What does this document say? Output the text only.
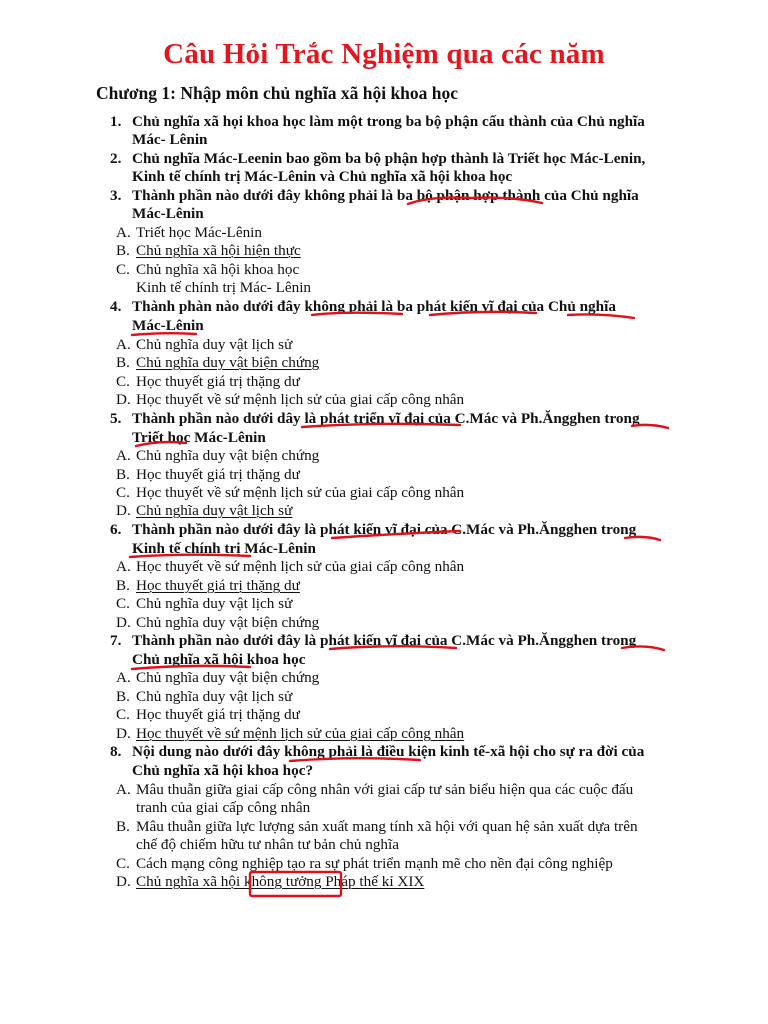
Câu Hỏi Trắc Nghiệm qua các năm
Chương 1: Nhập môn chủ nghĩa xã hội khoa học
1. Chủ nghĩa xã họi khoa học làm một trong ba bộ phận cấu thành của Chủ nghĩa
Mác- Lênin
2. Chủ nghĩa Mác-Leenin bao gồm ba bộ phận hợp thành là Triết học Mác-Lenin,
Kinh tế chính trị Mác-Lênin và Chủ nghĩa xã hội khoa học
3. Thành phần nào dưới đây không phải là ba bộ phận hợp thành của Chủ nghĩa
Mác-Lênin
A. Triết học Mác-Lênin
B. Chủ nghĩa xã hội hiện thực
C. Chủ nghĩa xã hội khoa học
Kinh tế chính trị Mác- Lênin
4. Thành phàn nào dưới đây không phải là ba phát kiến vĩ đại của Chủ nghĩa
Mác-Lênin
A. Chủ nghĩa duy vật lịch sử
B. Chủ nghĩa duy vật biện chứng
C. Học thuyết giá trị thặng dư
D. Học thuyết về sứ mệnh lịch sử của giai cấp công nhân
5. Thành phần nào dưới dây là phát triển vĩ đại của C.Mác và Ph.Ăngghen trong
Triết học Mác-Lênin
A. Chủ nghĩa duy vật biện chứng
B. Học thuyết giá trị thặng dư
C. Học thuyết về sứ mệnh lịch sử của giai cấp công nhân
D. Chủ nghĩa duy vật lịch sử
6. Thành phần nào dưới đây là phát kiến vĩ đại của C.Mác và Ph.Ăngghen trong
Kinh tế chính trị Mác-Lênin
A. Học thuyết về sứ mệnh lịch sử của giai cấp công nhân
B. Học thuyết giá trị thặng dư
C. Chủ nghĩa duy vật lịch sử
D. Chủ nghĩa duy vật biện chứng
7. Thành phần nào dưới đây là phát kiến vĩ đại của C.Mác và Ph.Ăngghen trong
Chủ nghĩa xã hội khoa học
A. Chủ nghĩa duy vật biện chứng
B. Chủ nghĩa duy vật lịch sử
C. Học thuyết giá trị thặng dư
D. Học thuyết về sứ mệnh lịch sử của giai cấp công nhân
8. Nội dung nào dưới đây không phải là điều kiện kinh tế-xã hội cho sự ra đời của
Chủ nghĩa xã hội khoa học?
A. Mâu thuẫn giữa giai cấp công nhân với giai cấp tư sản biểu hiện qua các cuộc đấu
tranh của giai cấp công nhân
B. Mâu thuẫn giữa lực lượng sản xuất mang tính xã hội với quan hệ sản xuất dựa trên
chế độ chiếm hữu tư nhân tư bản chủ nghĩa
C. Cách mạng công nghiệp tạo ra sự phát triển mạnh mẽ cho nền đại công nghiệp
D. Chủ nghĩa xã hội không tưởng Pháp thế kỉ XIX
